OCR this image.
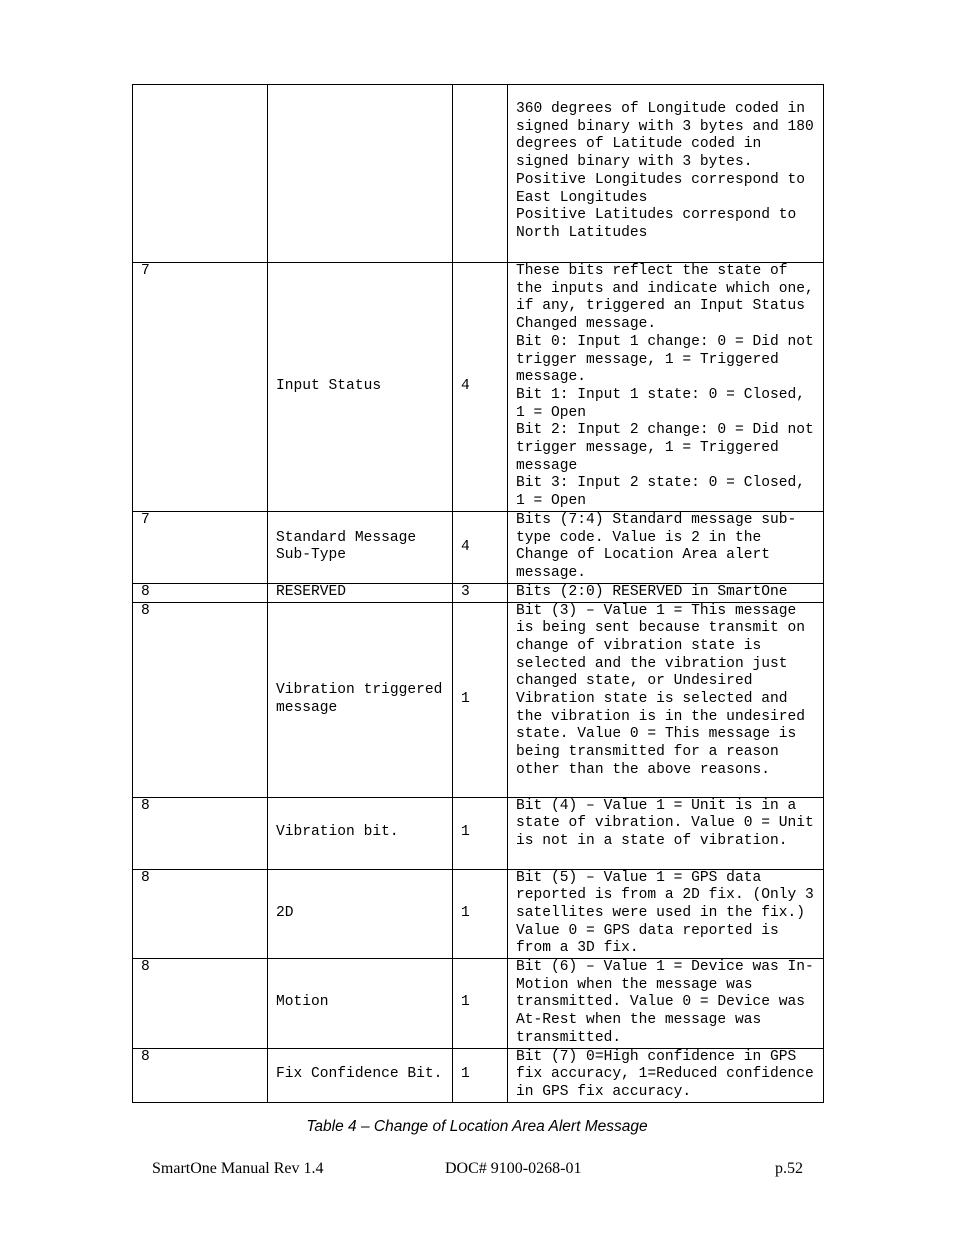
			360 degrees of Longitude coded in signed binary with 3 bytes and 180 degrees of Latitude coded in signed binary with 3 bytes.
Positive Longitudes correspond to East Longitudes
Positive Latitudes correspond to North Latitudes
7	Input Status	4	These bits reflect the state of the inputs and indicate which one, if any, triggered an Input Status Changed message.
Bit 0: Input 1 change: 0 = Did not trigger message, 1 = Triggered message.
Bit 1: Input 1 state: 0 = Closed, 1 = Open
Bit 2: Input 2 change: 0 = Did not trigger message, 1 = Triggered message
Bit 3: Input 2 state: 0 = Closed, 1 = Open
7	Standard Message Sub-Type	4	Bits (7:4) Standard message sub-type code. Value is 2 in the Change of Location Area alert message.
8	RESERVED	3	Bits (2:0) RESERVED in SmartOne
8	Vibration triggered message	1	Bit (3) – Value 1 = This message is being sent because transmit on change of vibration state is selected and the vibration just changed state, or Undesired Vibration state is selected and the vibration is in the undesired state. Value 0 = This message is being transmitted for a reason other than the above reasons.
8	Vibration bit.	1	Bit (4) – Value 1 = Unit is in a state of vibration. Value 0 = Unit is not in a state of vibration.
8	2D	1	Bit (5) – Value 1 = GPS data reported is from a 2D fix. (Only 3 satellites were used in the fix.) Value 0 = GPS data reported is from a 3D fix.
8	Motion	1	Bit (6) – Value 1 = Device was In-Motion when the message was transmitted. Value 0 = Device was At-Rest when the message was transmitted.
8	Fix Confidence Bit.	1	Bit (7) 0=High confidence in GPS fix accuracy, 1=Reduced confidence in GPS fix accuracy.
Table 4 – Change of Location Area Alert Message
SmartOne Manual Rev 1.4	DOC# 9100-0268-01	p.52
